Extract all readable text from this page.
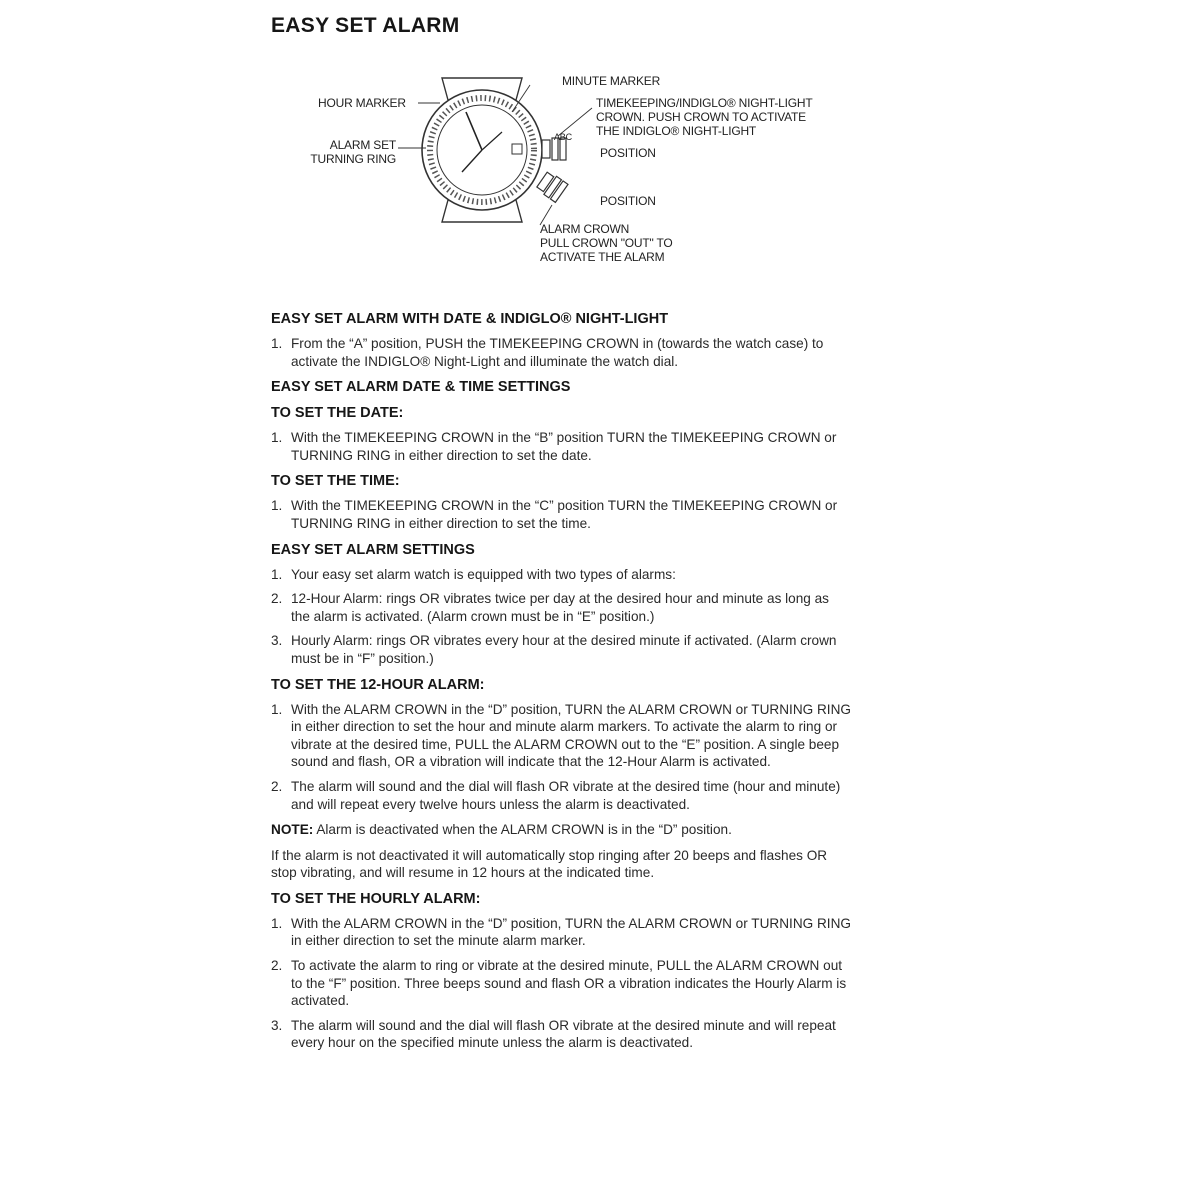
EASY SET ALARM
HOUR MARKER
MINUTE MARKER
ALARM SET
TURNING RING
TIMEKEEPING/INDIGLO® NIGHT-LIGHT
CROWN. PUSH CROWN TO ACTIVATE
THE INDIGLO® NIGHT-LIGHT
ABC
POSITION
POSITION
ALARM CROWN
PULL CROWN "OUT" TO
ACTIVATE THE ALARM
EASY SET ALARM WITH DATE & INDIGLO® NIGHT-LIGHT
1. From the “A” position, PUSH the TIMEKEEPING CROWN in (towards the watch case) to activate the INDIGLO® Night-Light and illuminate the watch dial.
EASY SET ALARM DATE & TIME SETTINGS
TO SET THE DATE:
1. With the TIMEKEEPING CROWN in the “B” position TURN the TIMEKEEPING CROWN or TURNING RING in either direction to set the date.
TO SET THE TIME:
1. With the TIMEKEEPING CROWN in the “C” position TURN the TIMEKEEPING CROWN or TURNING RING in either direction to set the time.
EASY SET ALARM SETTINGS
1. Your easy set alarm watch is equipped with two types of alarms:
2. 12-Hour Alarm: rings OR vibrates twice per day at the desired hour and minute as long as the alarm is activated. (Alarm crown must be in “E” position.)
3. Hourly Alarm: rings OR vibrates every hour at the desired minute if activated. (Alarm crown must be in “F” position.)
TO SET THE 12-HOUR ALARM:
1. With the ALARM CROWN in the “D” position, TURN the ALARM CROWN or TURNING RING in either direction to set the hour and minute alarm markers. To activate the alarm to ring or vibrate at the desired time, PULL the ALARM CROWN out to the “E” position. A single beep sound and flash, OR a vibration will indicate that the 12-Hour Alarm is activated.
2. The alarm will sound and the dial will flash OR vibrate at the desired time (hour and minute) and will repeat every twelve hours unless the alarm is deactivated.

NOTE: Alarm is deactivated when the ALARM CROWN is in the “D” position.

If the alarm is not deactivated it will automatically stop ringing after 20 beeps and flashes OR stop vibrating, and will resume in 12 hours at the indicated time.

TO SET THE HOURLY ALARM:
1. With the ALARM CROWN in the “D” position, TURN the ALARM CROWN or TURNING RING in either direction to set the minute alarm marker.
2. To activate the alarm to ring or vibrate at the desired minute, PULL the ALARM CROWN out to the “F” position. Three beeps sound and flash OR a vibration indicates the Hourly Alarm is activated.
3. The alarm will sound and the dial will flash OR vibrate at the desired minute and will repeat every hour on the specified minute unless the alarm is deactivated.
